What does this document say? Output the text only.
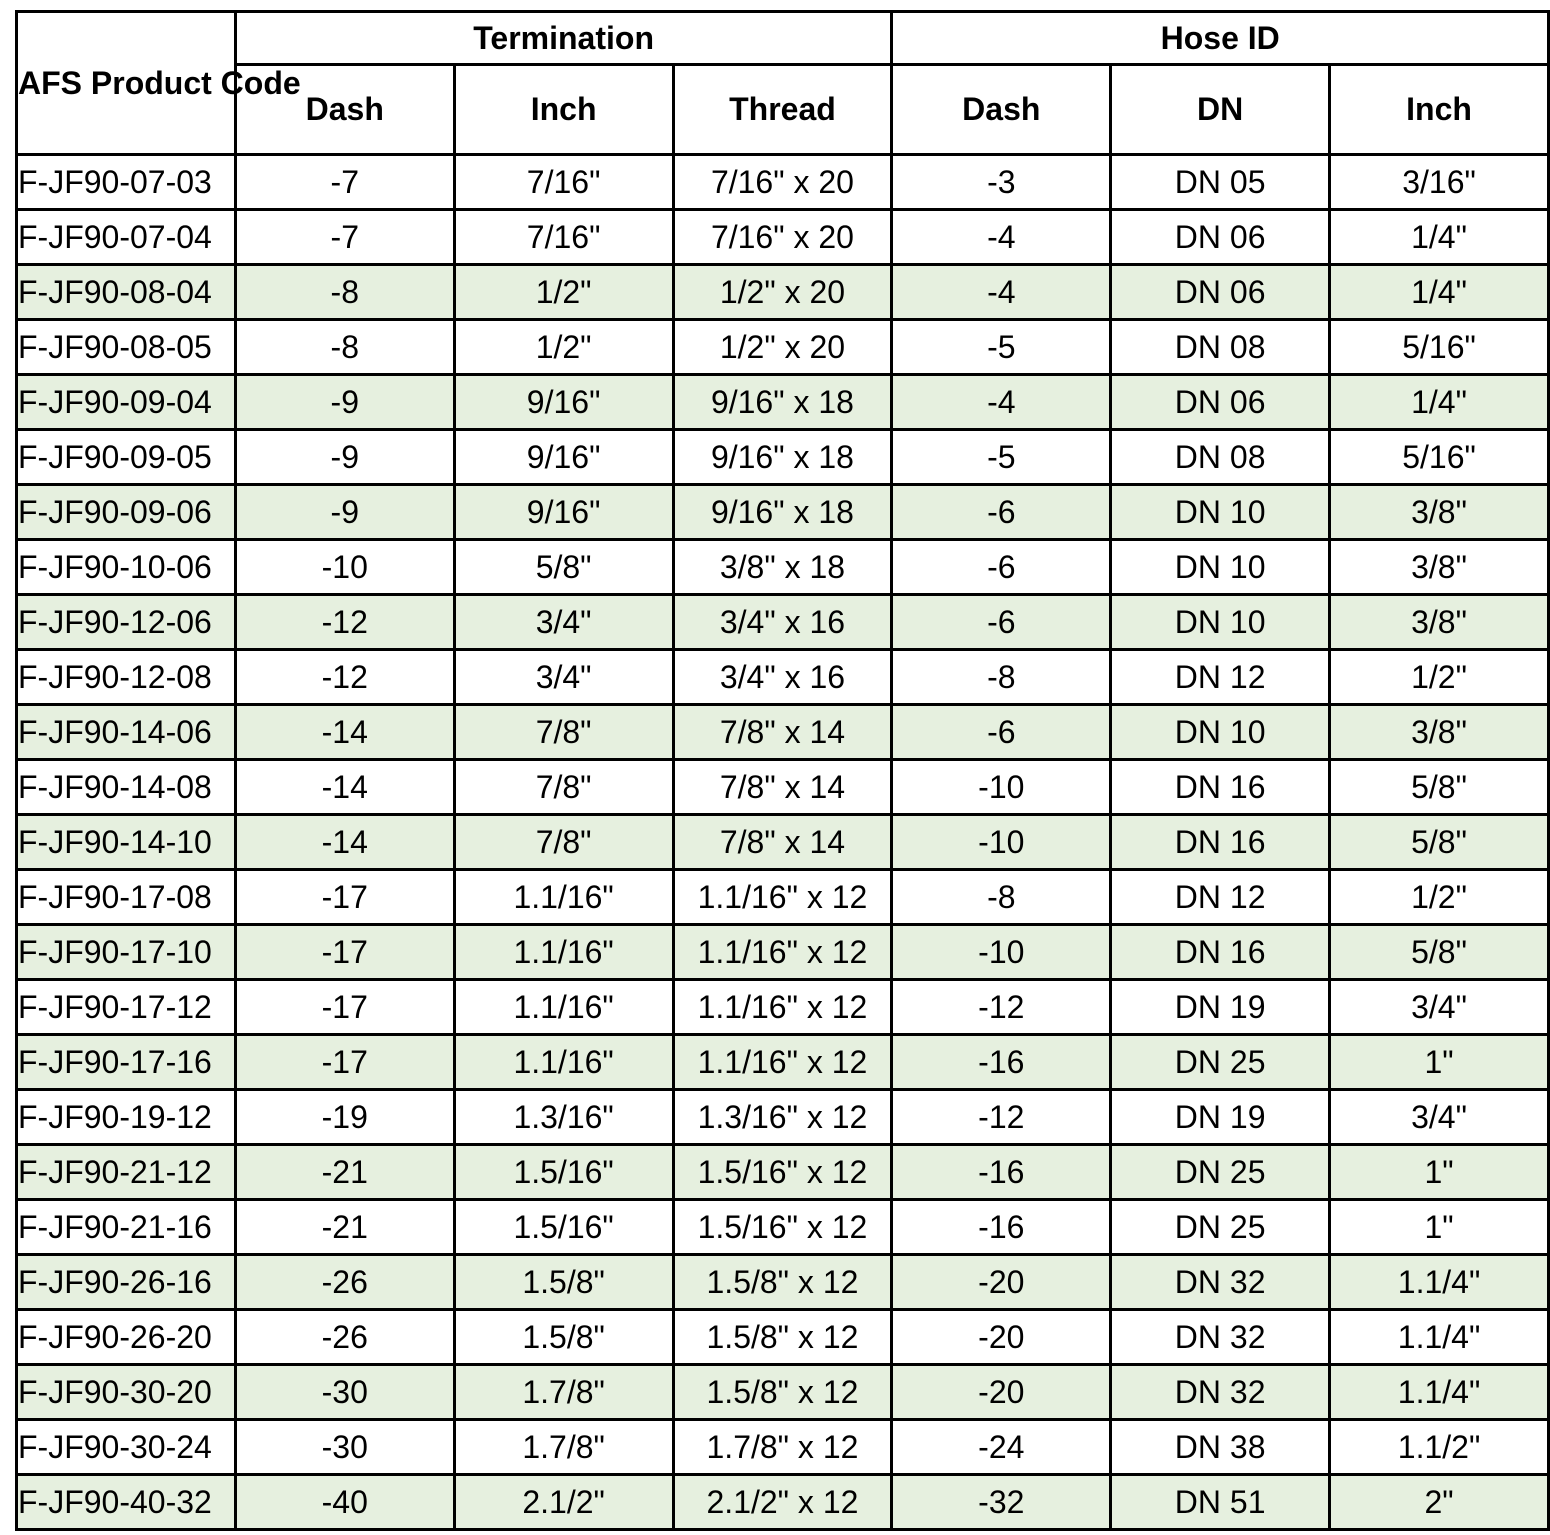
AFS Product Code	Termination			Hose ID		
	Dash	Inch	Thread	Dash	DN	Inch
F-JF90-07-03	-7	7/16"	7/16" x 20	-3	DN 05	3/16"
F-JF90-07-04	-7	7/16"	7/16" x 20	-4	DN 06	1/4"
F-JF90-08-04	-8	1/2"	1/2" x 20	-4	DN 06	1/4"
F-JF90-08-05	-8	1/2"	1/2" x 20	-5	DN 08	5/16"
F-JF90-09-04	-9	9/16"	9/16" x 18	-4	DN 06	1/4"
F-JF90-09-05	-9	9/16"	9/16" x 18	-5	DN 08	5/16"
F-JF90-09-06	-9	9/16"	9/16" x 18	-6	DN 10	3/8"
F-JF90-10-06	-10	5/8"	3/8" x 18	-6	DN 10	3/8"
F-JF90-12-06	-12	3/4"	3/4" x 16	-6	DN 10	3/8"
F-JF90-12-08	-12	3/4"	3/4" x 16	-8	DN 12	1/2"
F-JF90-14-06	-14	7/8"	7/8" x 14	-6	DN 10	3/8"
F-JF90-14-08	-14	7/8"	7/8" x 14	-10	DN 16	5/8"
F-JF90-14-10	-14	7/8"	7/8" x 14	-10	DN 16	5/8"
F-JF90-17-08	-17	1.1/16"	1.1/16" x 12	-8	DN 12	1/2"
F-JF90-17-10	-17	1.1/16"	1.1/16" x 12	-10	DN 16	5/8"
F-JF90-17-12	-17	1.1/16"	1.1/16" x 12	-12	DN 19	3/4"
F-JF90-17-16	-17	1.1/16"	1.1/16" x 12	-16	DN 25	1"
F-JF90-19-12	-19	1.3/16"	1.3/16" x 12	-12	DN 19	3/4"
F-JF90-21-12	-21	1.5/16"	1.5/16" x 12	-16	DN 25	1"
F-JF90-21-16	-21	1.5/16"	1.5/16" x 12	-16	DN 25	1"
F-JF90-26-16	-26	1.5/8"	1.5/8" x 12	-20	DN 32	1.1/4"
F-JF90-26-20	-26	1.5/8"	1.5/8" x 12	-20	DN 32	1.1/4"
F-JF90-30-20	-30	1.7/8"	1.5/8" x 12	-20	DN 32	1.1/4"
F-JF90-30-24	-30	1.7/8"	1.7/8" x 12	-24	DN 38	1.1/2"
F-JF90-40-32	-40	2.1/2"	2.1/2" x 12	-32	DN 51	2"
